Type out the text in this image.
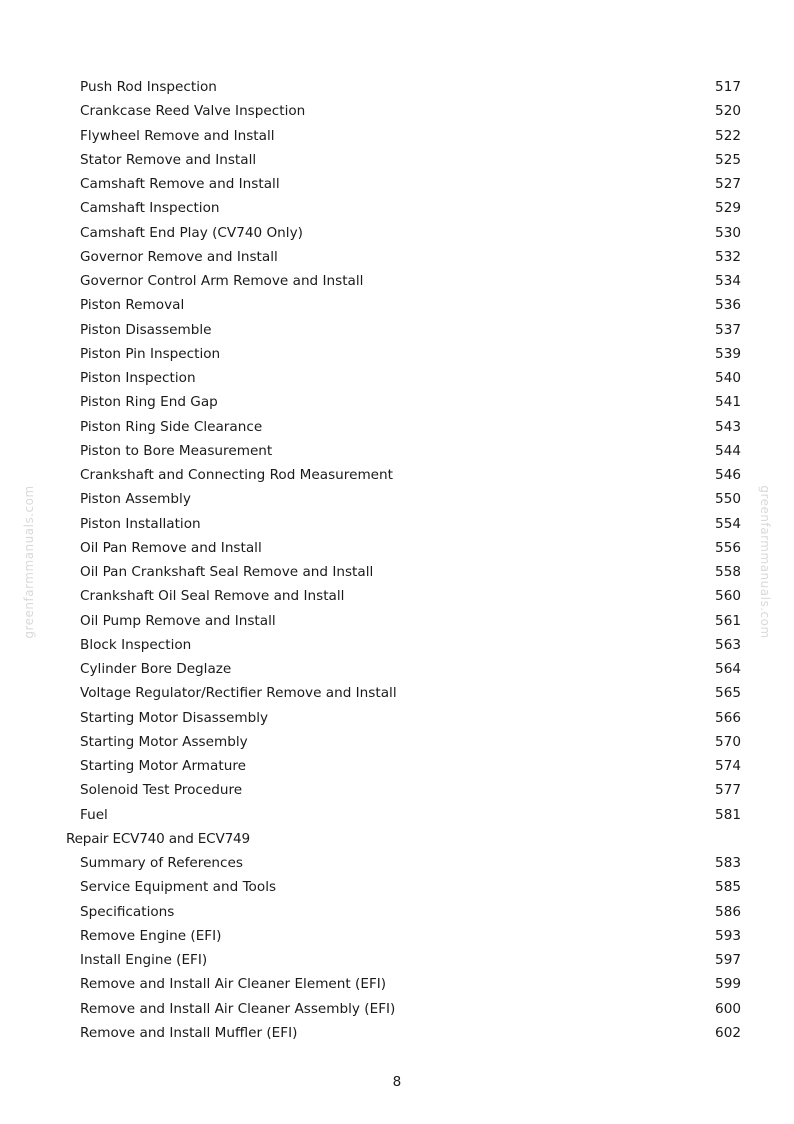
greenfarmmanuals.com	greenfarmmanuals.com
Push Rod Inspection	517
Crankcase Reed Valve Inspection	520
Flywheel Remove and Install	522
Stator Remove and Install	525
Camshaft Remove and Install	527
Camshaft Inspection	529
Camshaft End Play (CV740 Only)	530
Governor Remove and Install	532
Governor Control Arm Remove and Install	534
Piston Removal	536
Piston Disassemble	537
Piston Pin Inspection	539
Piston Inspection	540
Piston Ring End Gap	541
Piston Ring Side Clearance	543
Piston to Bore Measurement	544
Crankshaft and Connecting Rod Measurement	546
Piston Assembly	550
Piston Installation	554
Oil Pan Remove and Install	556
Oil Pan Crankshaft Seal Remove and Install	558
Crankshaft Oil Seal Remove and Install	560
Oil Pump Remove and Install	561
Block Inspection	563
Cylinder Bore Deglaze	564
Voltage Regulator/Rectifier Remove and Install	565
Starting Motor Disassembly	566
Starting Motor Assembly	570
Starting Motor Armature	574
Solenoid Test Procedure	577
Fuel	581
Repair ECV740 and ECV749
Summary of References	583
Service Equipment and Tools	585
Specifications	586
Remove Engine (EFI)	593
Install Engine (EFI)	597
Remove and Install Air Cleaner Element (EFI)	599
Remove and Install Air Cleaner Assembly (EFI)	600
Remove and Install Muffler (EFI)	602
8
